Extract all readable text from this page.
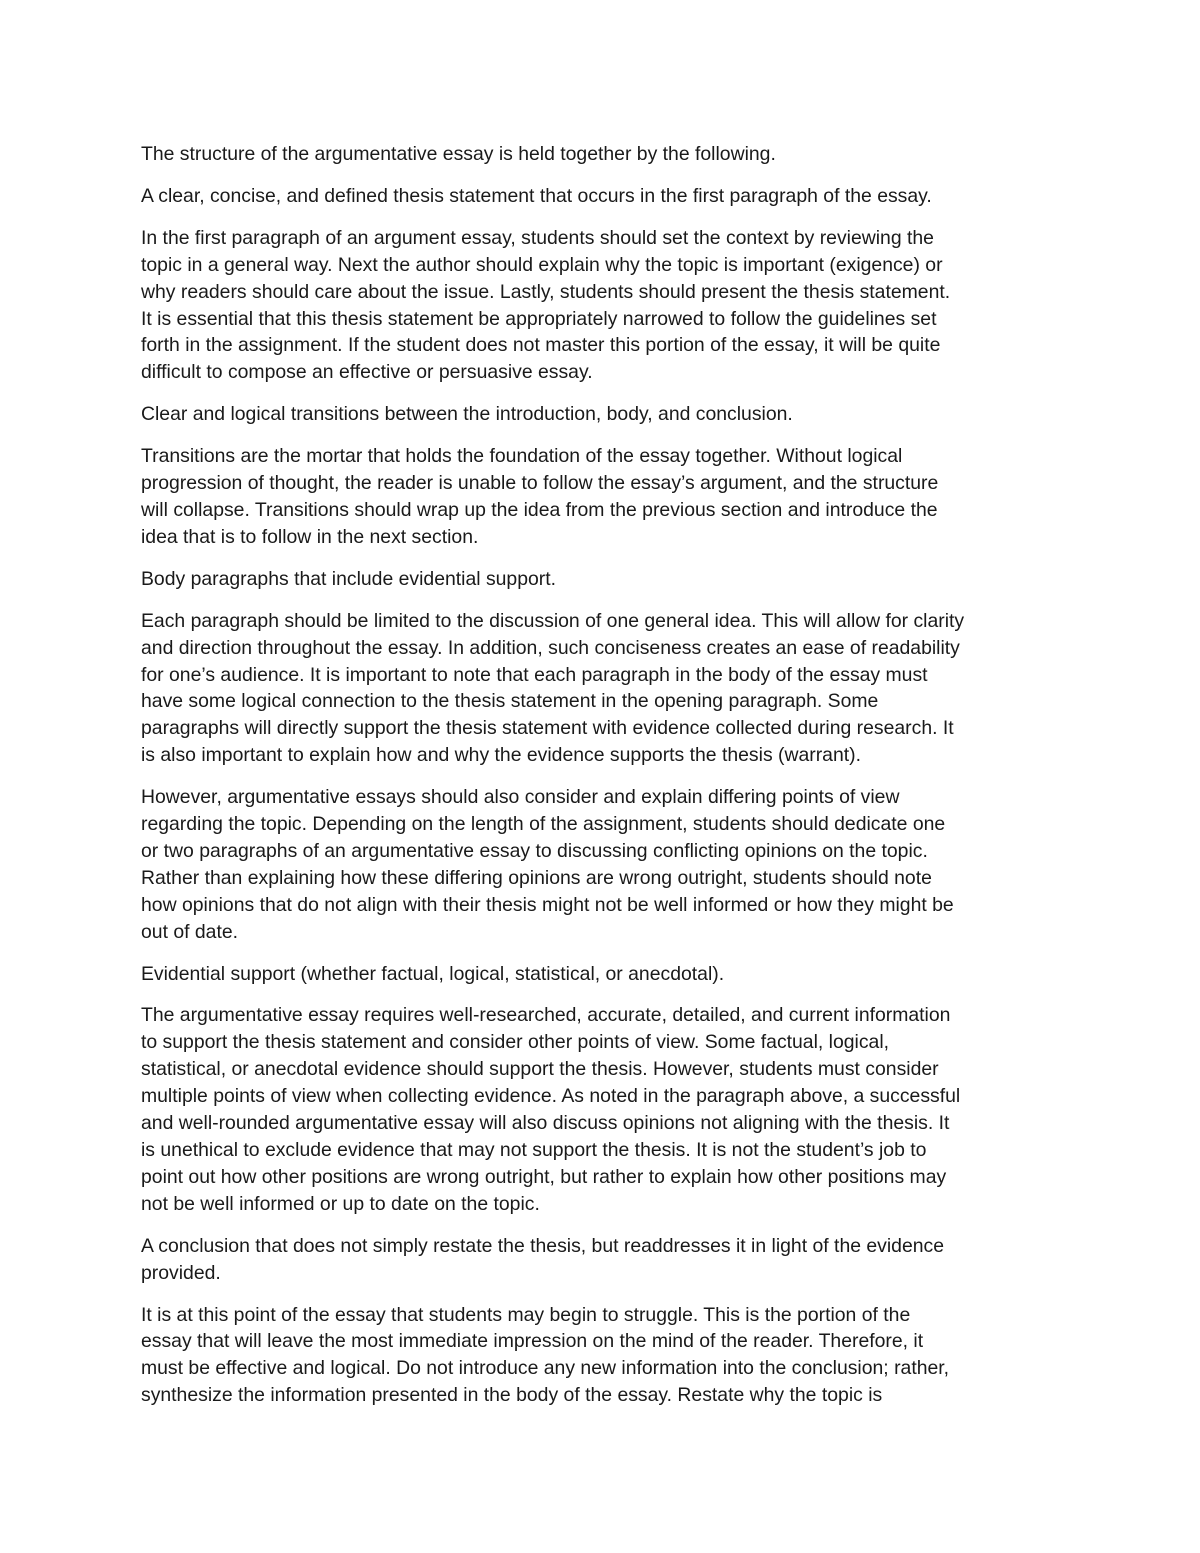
The structure of the argumentative essay is held together by the following.

A clear, concise, and defined thesis statement that occurs in the first paragraph of the essay.

In the first paragraph of an argument essay, students should set the context by reviewing the
topic in a general way. Next the author should explain why the topic is important (exigence) or
why readers should care about the issue. Lastly, students should present the thesis statement.
It is essential that this thesis statement be appropriately narrowed to follow the guidelines set
forth in the assignment. If the student does not master this portion of the essay, it will be quite
difficult to compose an effective or persuasive essay.

Clear and logical transitions between the introduction, body, and conclusion.

Transitions are the mortar that holds the foundation of the essay together. Without logical
progression of thought, the reader is unable to follow the essay’s argument, and the structure
will collapse. Transitions should wrap up the idea from the previous section and introduce the
idea that is to follow in the next section.

Body paragraphs that include evidential support.

Each paragraph should be limited to the discussion of one general idea. This will allow for clarity
and direction throughout the essay. In addition, such conciseness creates an ease of readability
for one’s audience. It is important to note that each paragraph in the body of the essay must
have some logical connection to the thesis statement in the opening paragraph. Some
paragraphs will directly support the thesis statement with evidence collected during research. It
is also important to explain how and why the evidence supports the thesis (warrant).

However, argumentative essays should also consider and explain differing points of view
regarding the topic. Depending on the length of the assignment, students should dedicate one
or two paragraphs of an argumentative essay to discussing conflicting opinions on the topic.
Rather than explaining how these differing opinions are wrong outright, students should note
how opinions that do not align with their thesis might not be well informed or how they might be
out of date.

Evidential support (whether factual, logical, statistical, or anecdotal).

The argumentative essay requires well-researched, accurate, detailed, and current information
to support the thesis statement and consider other points of view. Some factual, logical,
statistical, or anecdotal evidence should support the thesis. However, students must consider
multiple points of view when collecting evidence. As noted in the paragraph above, a successful
and well-rounded argumentative essay will also discuss opinions not aligning with the thesis. It
is unethical to exclude evidence that may not support the thesis. It is not the student’s job to
point out how other positions are wrong outright, but rather to explain how other positions may
not be well informed or up to date on the topic.

A conclusion that does not simply restate the thesis, but readdresses it in light of the evidence
provided.

It is at this point of the essay that students may begin to struggle. This is the portion of the
essay that will leave the most immediate impression on the mind of the reader. Therefore, it
must be effective and logical. Do not introduce any new information into the conclusion; rather,
synthesize the information presented in the body of the essay. Restate why the topic is
